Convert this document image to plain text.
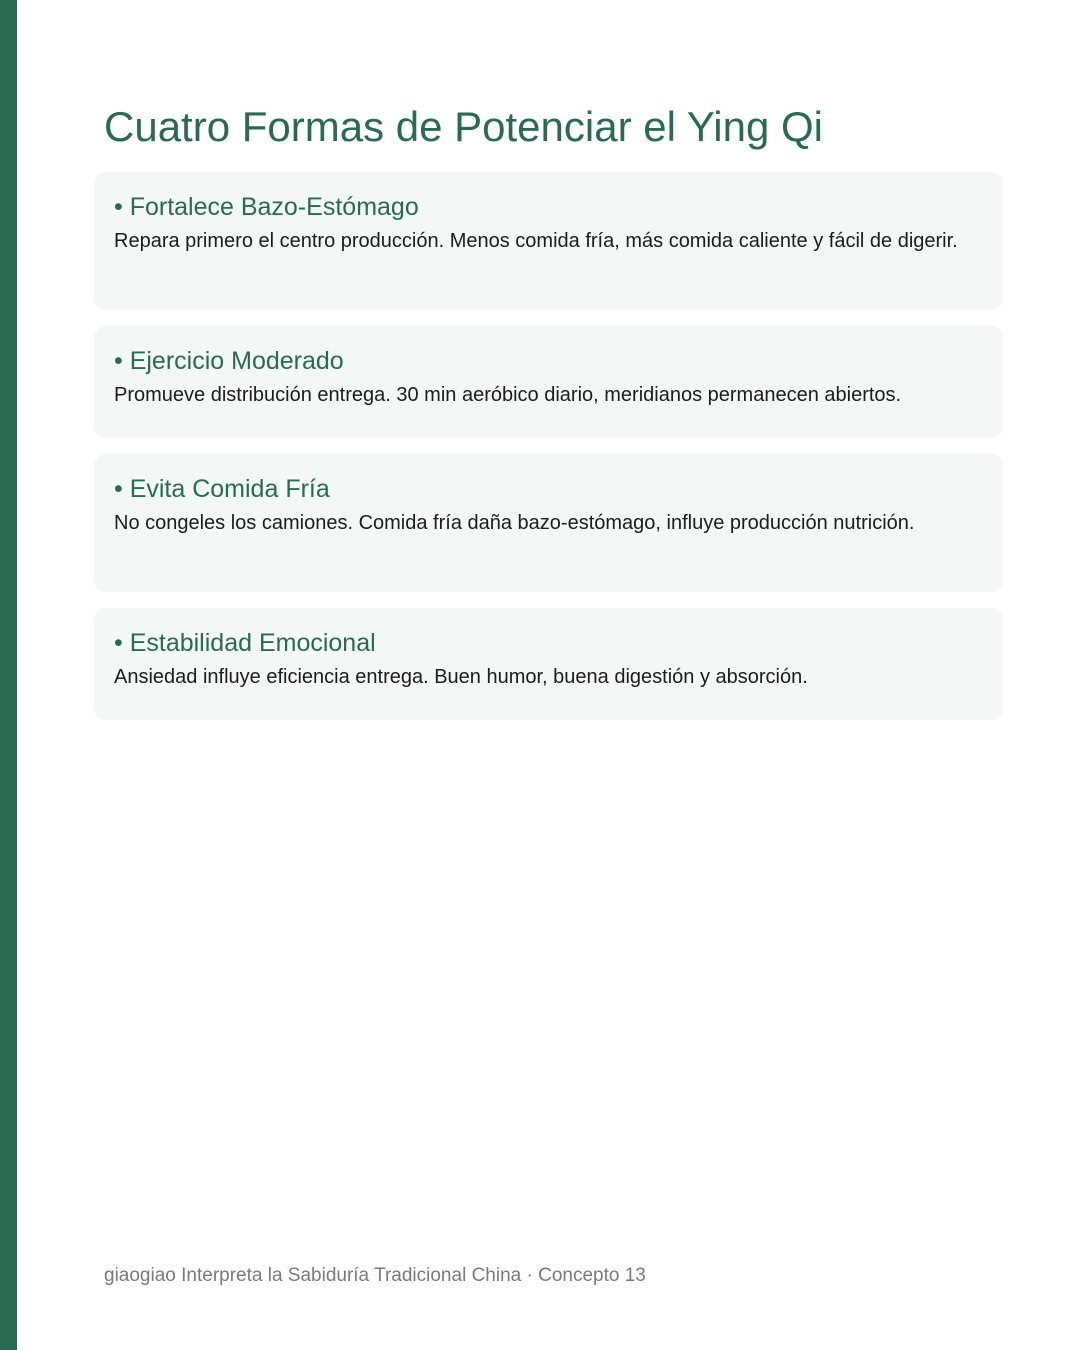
Cuatro Formas de Potenciar el Ying Qi
• Fortalece Bazo-Estómago

Repara primero el centro producción. Menos comida fría, más comida caliente y fácil de digerir.

• Ejercicio Moderado

Promueve distribución entrega. 30 min aeróbico diario, meridianos permanecen abiertos.

• Evita Comida Fría

No congeles los camiones. Comida fría daña bazo-estómago, influye producción nutrición.

• Estabilidad Emocional

Ansiedad influye eficiencia entrega. Buen humor, buena digestión y absorción.

giaogiao Interpreta la Sabiduría Tradicional China · Concepto 13
